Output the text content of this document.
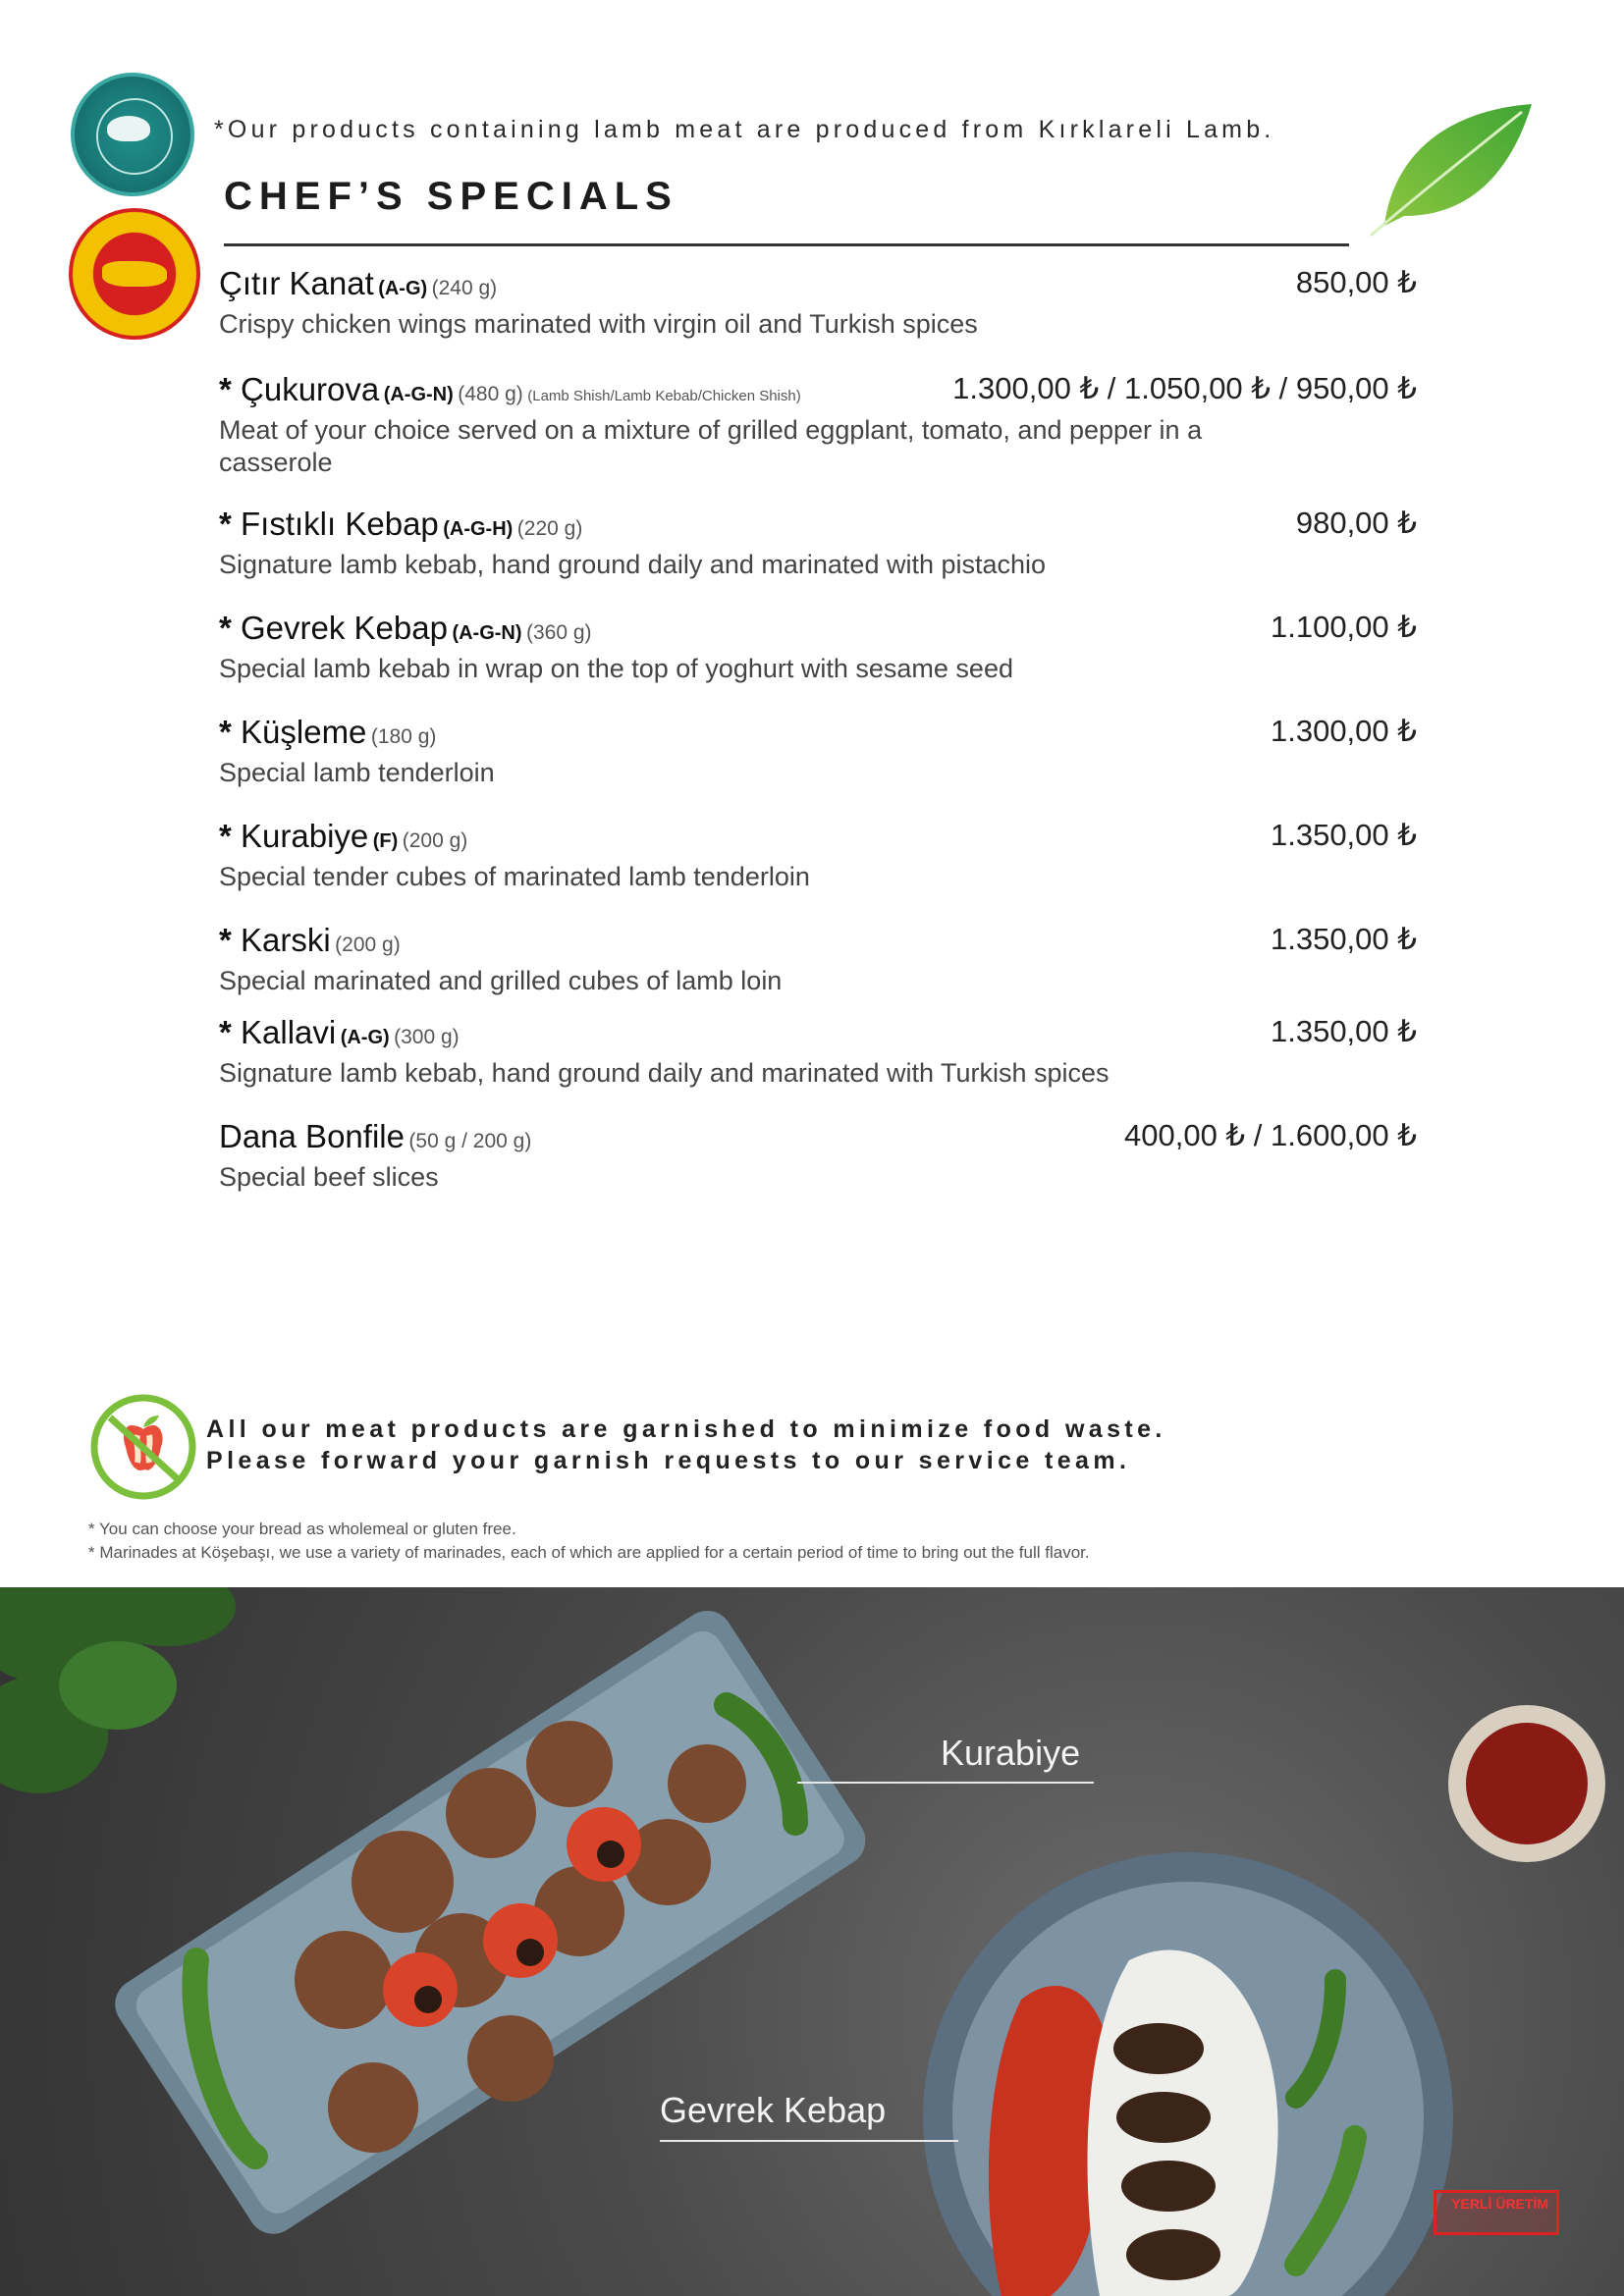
*Our products containing lamb meat are produced from Kırklareli Lamb.
CHEF’S SPECIALS
Çıtır Kanat (A-G) (240 g)	850,00 ₺
Crispy chicken wings marinated with virgin oil and Turkish spices
* Çukurova (A-G-N) (480 g) (Lamb Shish/Lamb Kebab/Chicken Shish)	1.300,00 ₺ / 1.050,00 ₺ / 950,00 ₺
Meat of your choice served on a mixture of grilled eggplant, tomato, and pepper in a casserole
* Fıstıklı Kebap (A-G-H) (220 g)	980,00 ₺
Signature lamb kebab, hand ground daily and marinated with pistachio
* Gevrek Kebap (A-G-N) (360 g)	1.100,00 ₺
Special lamb kebab in wrap on the top of yoghurt with sesame seed
* Küşleme (180 g)	1.300,00 ₺
Special lamb tenderloin
* Kurabiye (F) (200 g)	1.350,00 ₺
Special tender cubes of marinated lamb tenderloin
* Karski (200 g)	1.350,00 ₺
Special marinated and grilled cubes of lamb loin
* Kallavi (A-G) (300 g)	1.350,00 ₺
Signature lamb kebab, hand ground daily and marinated with Turkish spices
Dana Bonfile (50 g / 200 g)	400,00 ₺ / 1.600,00 ₺
Special beef slices
All our meat products are garnished to minimize food waste.
Please forward your garnish requests to our service team.
* You can choose your bread as wholemeal or gluten free.
* Marinades at Köşebaşı, we use a variety of marinades, each of which are applied for a certain period of time to bring out the full flavor.
Kurabiye
Gevrek Kebap
YERLİ ÜRETİM
